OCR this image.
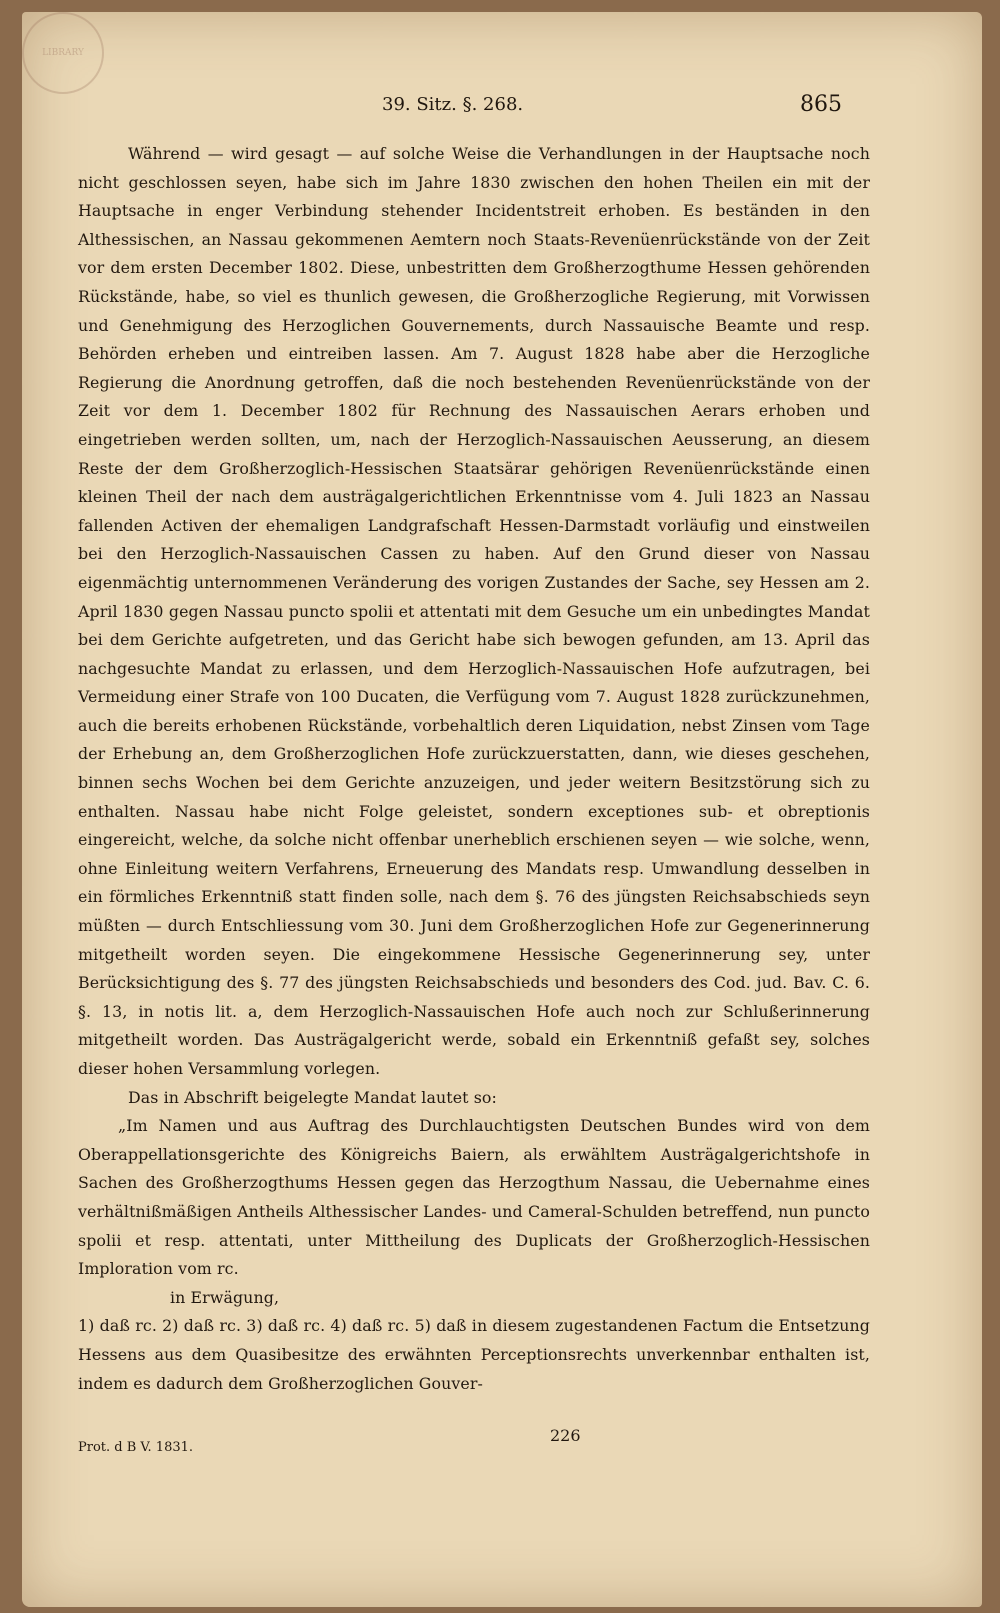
LIBRARY
39. Sitz. §. 268.	865

Während — wird gesagt — auf solche Weise die Verhandlungen in der Hauptsache noch nicht geschlossen seyen, habe sich im Jahre 1830 zwischen den hohen Theilen ein mit der Hauptsache in enger Verbindung stehender Incidentstreit erhoben. Es beständen in den Althessischen, an Nassau gekommenen Aemtern noch Staats-Revenüenrückstände von der Zeit vor dem ersten December 1802. Diese, unbestritten dem Großherzogthume Hessen gehörenden Rückstände, habe, so viel es thunlich gewesen, die Großherzogliche Regierung, mit Vorwissen und Genehmigung des Herzoglichen Gouvernements, durch Nassauische Beamte und resp. Behörden erheben und eintreiben lassen. Am 7. August 1828 habe aber die Herzogliche Regierung die Anordnung getroffen, daß die noch bestehenden Revenüenrückstände von der Zeit vor dem 1. December 1802 für Rechnung des Nassauischen Aerars erhoben und eingetrieben werden sollten, um, nach der Herzoglich-Nassauischen Aeusserung, an diesem Reste der dem Großherzoglich-Hessischen Staatsärar gehörigen Revenüenrückstände einen kleinen Theil der nach dem austrägalgerichtlichen Erkenntnisse vom 4. Juli 1823 an Nassau fallenden Activen der ehemaligen Landgrafschaft Hessen-Darmstadt vorläufig und einstweilen bei den Herzoglich-Nassauischen Cassen zu haben. Auf den Grund dieser von Nassau eigenmächtig unternommenen Veränderung des vorigen Zustandes der Sache, sey Hessen am 2. April 1830 gegen Nassau puncto spolii et attentati mit dem Gesuche um ein unbedingtes Mandat bei dem Gerichte aufgetreten, und das Gericht habe sich bewogen gefunden, am 13. April das nachgesuchte Mandat zu erlassen, und dem Herzoglich-Nassauischen Hofe aufzutragen, bei Vermeidung einer Strafe von 100 Ducaten, die Verfügung vom 7. August 1828 zurückzunehmen, auch die bereits erhobenen Rückstände, vorbehaltlich deren Liquidation, nebst Zinsen vom Tage der Erhebung an, dem Großherzoglichen Hofe zurückzuerstatten, dann, wie dieses geschehen, binnen sechs Wochen bei dem Gerichte anzuzeigen, und jeder weitern Besitzstörung sich zu enthalten. Nassau habe nicht Folge geleistet, sondern exceptiones sub- et obreptionis eingereicht, welche, da solche nicht offenbar unerheblich erschienen seyen — wie solche, wenn, ohne Einleitung weitern Verfahrens, Erneuerung des Mandats resp. Umwandlung desselben in ein förmliches Erkenntniß statt finden solle, nach dem §. 76 des jüngsten Reichsabschieds seyn müßten — durch Entschliessung vom 30. Juni dem Großherzoglichen Hofe zur Gegenerinnerung mitgetheilt worden seyen. Die eingekommene Hessische Gegenerinnerung sey, unter Berücksichtigung des §. 77 des jüngsten Reichsabschieds und besonders des Cod. jud. Bav. C. 6. §. 13, in notis lit. a, dem Herzoglich-Nassauischen Hofe auch noch zur Schlußerinnerung mitgetheilt worden. Das Austrägalgericht werde, sobald ein Erkenntniß gefaßt sey, solches dieser hohen Versammlung vorlegen.

Das in Abschrift beigelegte Mandat lautet so:

„Im Namen und aus Auftrag des Durchlauchtigsten Deutschen Bundes wird von dem Oberappellationsgerichte des Königreichs Baiern, als erwähltem Austrägalgerichtshofe in Sachen des Großherzogthums Hessen gegen das Herzogthum Nassau, die Uebernahme eines verhältnißmäßigen Antheils Althessischer Landes- und Cameral-Schulden betreffend, nun puncto spolii et resp. attentati, unter Mittheilung des Duplicats der Großherzoglich-Hessischen Imploration vom rc.

in Erwägung,

1) daß rc. 2) daß rc. 3) daß rc. 4) daß rc. 5) daß in diesem zugestandenen Factum die Entsetzung Hessens aus dem Quasibesitze des erwähnten Perceptionsrechts unverkennbar enthalten ist, indem es dadurch dem Großherzoglichen Gouver-

Prot. d B V. 1831.
226
